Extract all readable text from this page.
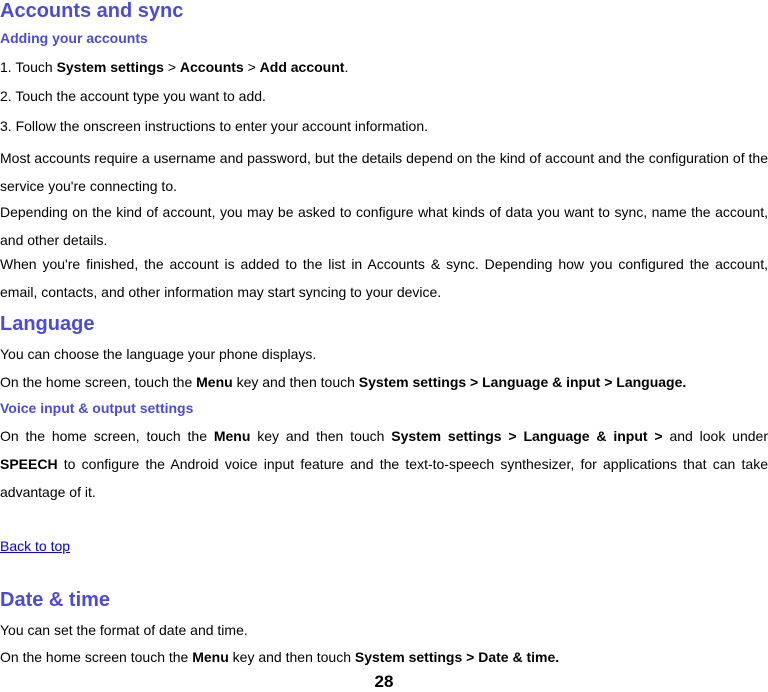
Accounts and sync
Adding your accounts

1. Touch System settings > Accounts > Add account.

2. Touch the account type you want to add.

3. Follow the onscreen instructions to enter your account information.

Most accounts require a username and password, but the details depend on the kind of account and the configuration of the service you're connecting to.

Depending on the kind of account, you may be asked to configure what kinds of data you want to sync, name the account, and other details.

When you're finished, the account is added to the list in Accounts & sync. Depending how you configured the account, email, contacts, and other information may start syncing to your device.

Language

You can choose the language your phone displays.

On the home screen, touch the Menu key and then touch System settings > Language & input > Language.

Voice input & output settings

On the home screen, touch the Menu key and then touch System settings > Language & input > and look under SPEECH to configure the Android voice input feature and the text-to-speech synthesizer, for applications that can take advantage of it.

Back to top
Date & time

You can set the format of date and time.

On the home screen touch the Menu key and then touch System settings > Date & time.

28
